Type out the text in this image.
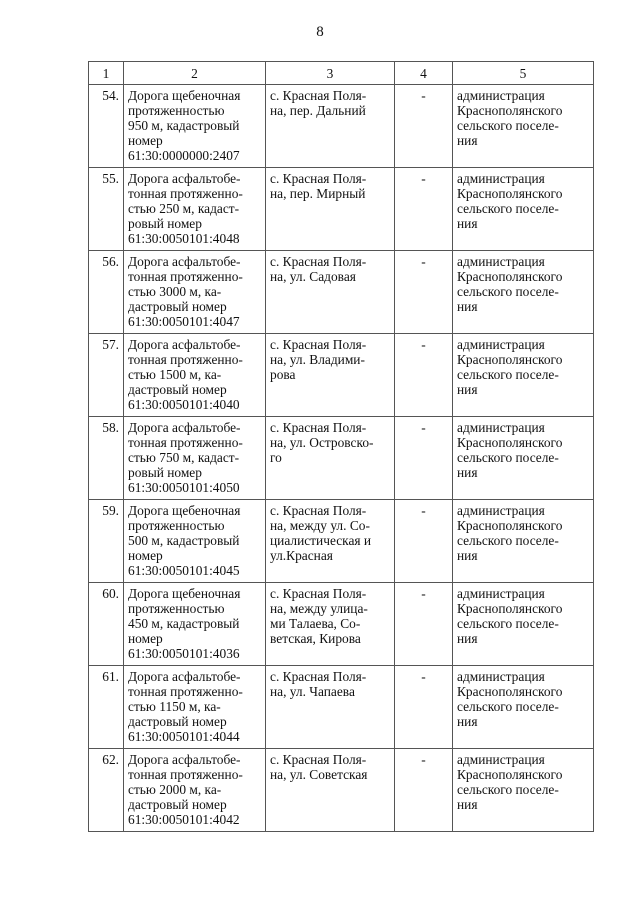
8
1	2	3	4	5
54.	Дорога щебеночная
протяженностью
950 м, кадастровый
номер
61:30:0000000:2407	с. Красная Поля-
на, пер. Дальний	-	администрация
Краснополянского
сельского поселе-
ния
55.	Дорога асфальтобе-
тонная протяженно-
стью 250 м, кадаст-
ровый номер
61:30:0050101:4048	с. Красная Поля-
на, пер. Мирный	-	администрация
Краснополянского
сельского поселе-
ния
56.	Дорога асфальтобе-
тонная протяженно-
стью 3000 м, ка-
дастровый номер
61:30:0050101:4047	с. Красная Поля-
на, ул. Садовая	-	администрация
Краснополянского
сельского поселе-
ния
57.	Дорога асфальтобе-
тонная протяженно-
стью 1500 м, ка-
дастровый номер
61:30:0050101:4040	с. Красная Поля-
на, ул. Владими-
рова	-	администрация
Краснополянского
сельского поселе-
ния
58.	Дорога асфальтобе-
тонная протяженно-
стью 750 м, кадаст-
ровый номер
61:30:0050101:4050	с. Красная Поля-
на, ул. Островско-
го	-	администрация
Краснополянского
сельского поселе-
ния
59.	Дорога щебеночная
протяженностью
500 м, кадастровый
номер
61:30:0050101:4045	с. Красная Поля-
на, между ул. Со-
циалистическая и
ул.Красная	-	администрация
Краснополянского
сельского поселе-
ния
60.	Дорога щебеночная
протяженностью
450 м, кадастровый
номер
61:30:0050101:4036	с. Красная Поля-
на, между улица-
ми Талаева, Со-
ветская, Кирова	-	администрация
Краснополянского
сельского поселе-
ния
61.	Дорога асфальтобе-
тонная протяженно-
стью 1150 м, ка-
дастровый номер
61:30:0050101:4044	с. Красная Поля-
на, ул. Чапаева	-	администрация
Краснополянского
сельского поселе-
ния
62.	Дорога асфальтобе-
тонная протяженно-
стью 2000 м, ка-
дастровый номер
61:30:0050101:4042	с. Красная Поля-
на, ул. Советская	-	администрация
Краснополянского
сельского поселе-
ния
